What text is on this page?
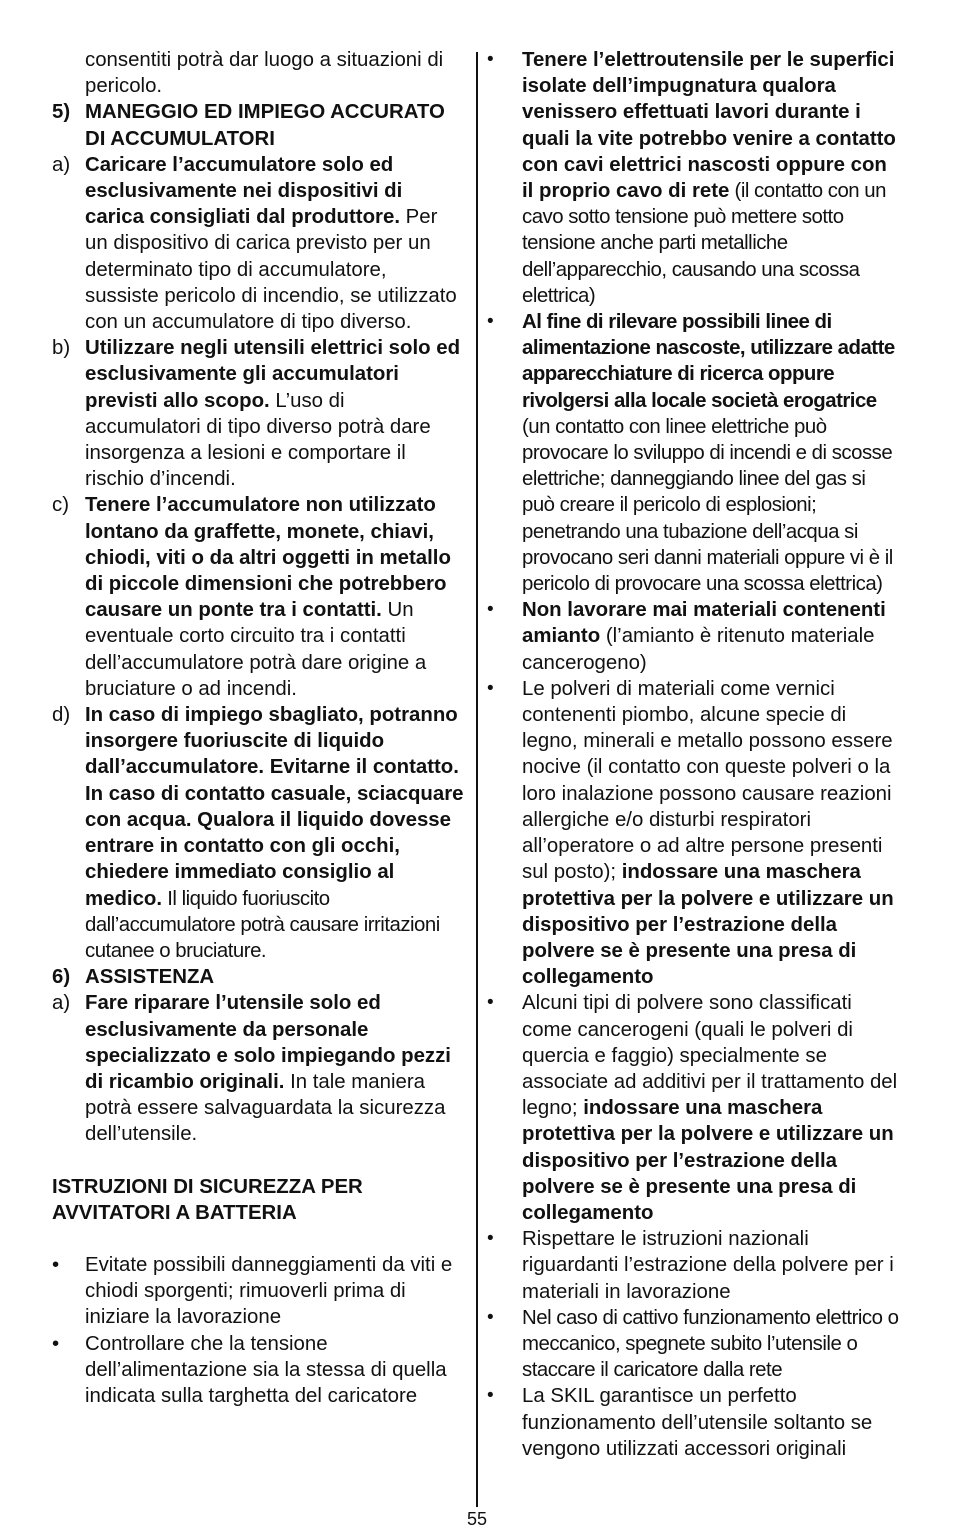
consentiti potrà dar luogo a situazioni di pericolo.
5) MANEGGIO ED IMPIEGO ACCURATO DI ACCUMULATORI
a) Caricare l’accumulatore solo ed esclusivamente nei dispositivi di carica consigliati dal produttore. Per un dispositivo di carica previsto per un determinato tipo di accumulatore, sussiste pericolo di incendio, se utilizzato con un accumulatore di tipo diverso.
b) Utilizzare negli utensili elettrici solo ed esclusivamente gli accumulatori previsti allo scopo. L’uso di accumulatori di tipo diverso potrà dare insorgenza a lesioni e comportare il rischio d’incendi.
c) Tenere l’accumulatore non utilizzato lontano da graffette, monete, chiavi, chiodi, viti o da altri oggetti in metallo di piccole dimensioni che potrebbero causare un ponte tra i contatti. Un eventuale corto circuito tra i contatti dell’accumulatore potrà dare origine a bruciature o ad incendi.
d) In caso di impiego sbagliato, potranno insorgere fuoriuscite di liquido dall’accumulatore. Evitarne il contatto. In caso di contatto casuale, sciacquare con acqua. Qualora il liquido dovesse entrare in contatto con gli occhi, chiedere immediato consiglio al medico. Il liquido fuoriuscito dall’accumulatore potrà causare irritazioni cutanee o bruciature.
6) ASSISTENZA
a) Fare riparare l’utensile solo ed esclusivamente da personale specializzato e solo impiegando pezzi di ricambio originali. In tale maniera potrà essere salvaguardata la sicurezza dell’utensile.
ISTRUZIONI DI SICUREZZA PER AVVITATORI A BATTERIA
•	Evitate possibili danneggiamenti da viti e chiodi sporgenti; rimuoverli prima di iniziare la lavorazione
•	Controllare che la tensione dell’alimentazione sia la stessa di quella indicata sulla targhetta del caricatore
•	Tenere l’elettroutensile per le superfici isolate dell’impugnatura qualora venissero effettuati lavori durante i quali la vite potrebbo venire a contatto con cavi elettrici nascosti oppure con il proprio cavo di rete (il contatto con un cavo sotto tensione può mettere sotto tensione anche parti metalliche dell’apparecchio, causando una scossa elettrica)
•	Al fine di rilevare possibili linee di alimentazione nascoste, utilizzare adatte apparecchiature di ricerca oppure rivolgersi alla locale società erogatrice (un contatto con linee elettriche può provocare lo sviluppo di incendi e di scosse elettriche; danneggiando linee del gas si può creare il pericolo di esplosioni; penetrando una tubazione dell’acqua si provocano seri danni materiali oppure vi è il pericolo di provocare una scossa elettrica)
•	Non lavorare mai materiali contenenti amianto (l’amianto è ritenuto materiale cancerogeno)
•	Le polveri di materiali come vernici contenenti piombo, alcune specie di legno, minerali e metallo possono essere nocive (il contatto con queste polveri o la loro inalazione possono causare reazioni allergiche e/o disturbi respiratori all’operatore o ad altre persone presenti sul posto); indossare una maschera protettiva per la polvere e utilizzare un dispositivo per l’estrazione della polvere se è presente una presa di collegamento
•	Alcuni tipi di polvere sono classificati come cancerogeni (quali le polveri di quercia e faggio) specialmente se associate ad additivi per il trattamento del legno; indossare una maschera protettiva per la polvere e utilizzare un dispositivo per l’estrazione della polvere se è presente una presa di collegamento
•	Rispettare le istruzioni nazionali riguardanti l’estrazione della polvere per i materiali in lavorazione
•	Nel caso di cattivo funzionamento elettrico o meccanico, spegnete subito l’utensile o staccare il caricatore dalla rete
•	La SKIL garantisce un perfetto funzionamento dell’utensile soltanto se vengono utilizzati accessori originali
55
